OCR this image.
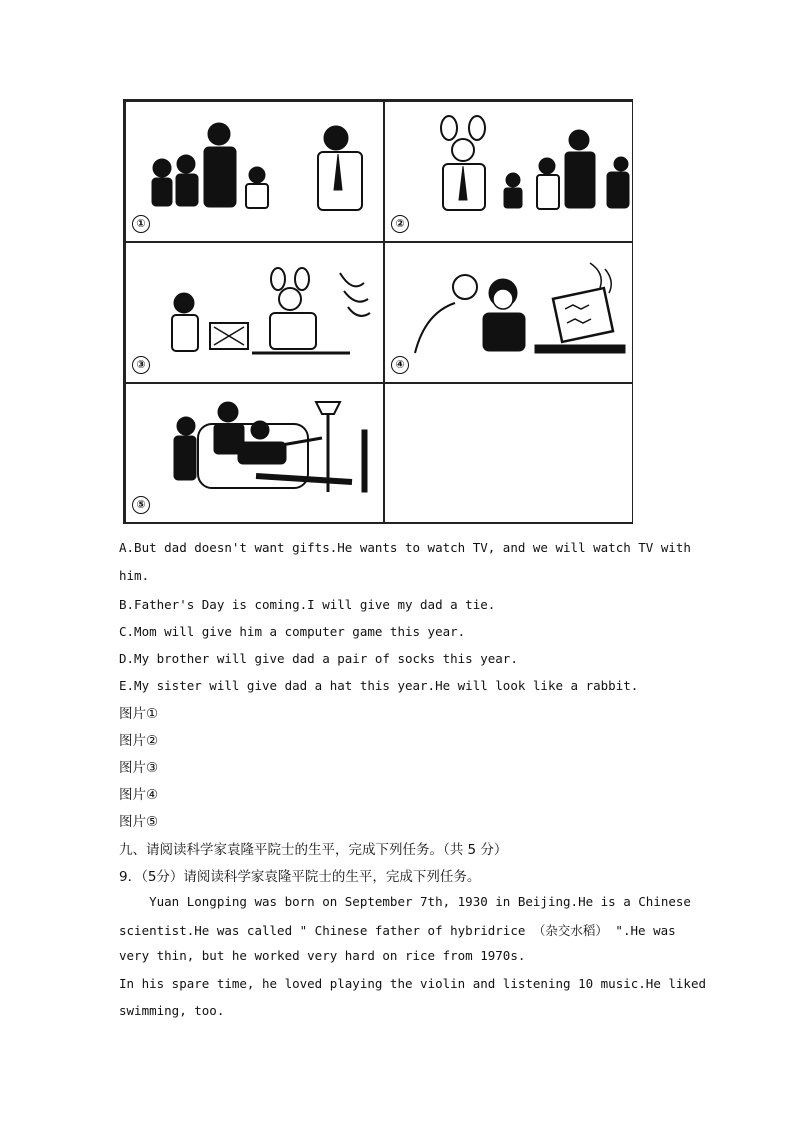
①	②
③	④
⑤
A.But dad doesn't want gifts.He wants to watch TV, and we will watch TV with
him.
B.Father's Day is coming.I will give my dad a tie.
C.Mom will give him a computer game this year.
D.My brother will give dad a pair of socks this year.
E.My sister will give dad a hat this year.He will look like a rabbit.
图片①
图片②
图片③
图片④
图片⑤
九、请阅读科学家袁隆平院士的生平，完成下列任务。（共 5 分）
9．（5分）请阅读科学家袁隆平院士的生平，完成下列任务。
Yuan Longping was born on September 7th, 1930 in Beijing.He is a Chinese
scientist.He was called " Chinese father of hybridrice （杂交水稻） ".He was
very thin, but he worked very hard on rice from 1970s.
In his spare time, he loved playing the violin and listening 10 music.He liked
swimming, too.
